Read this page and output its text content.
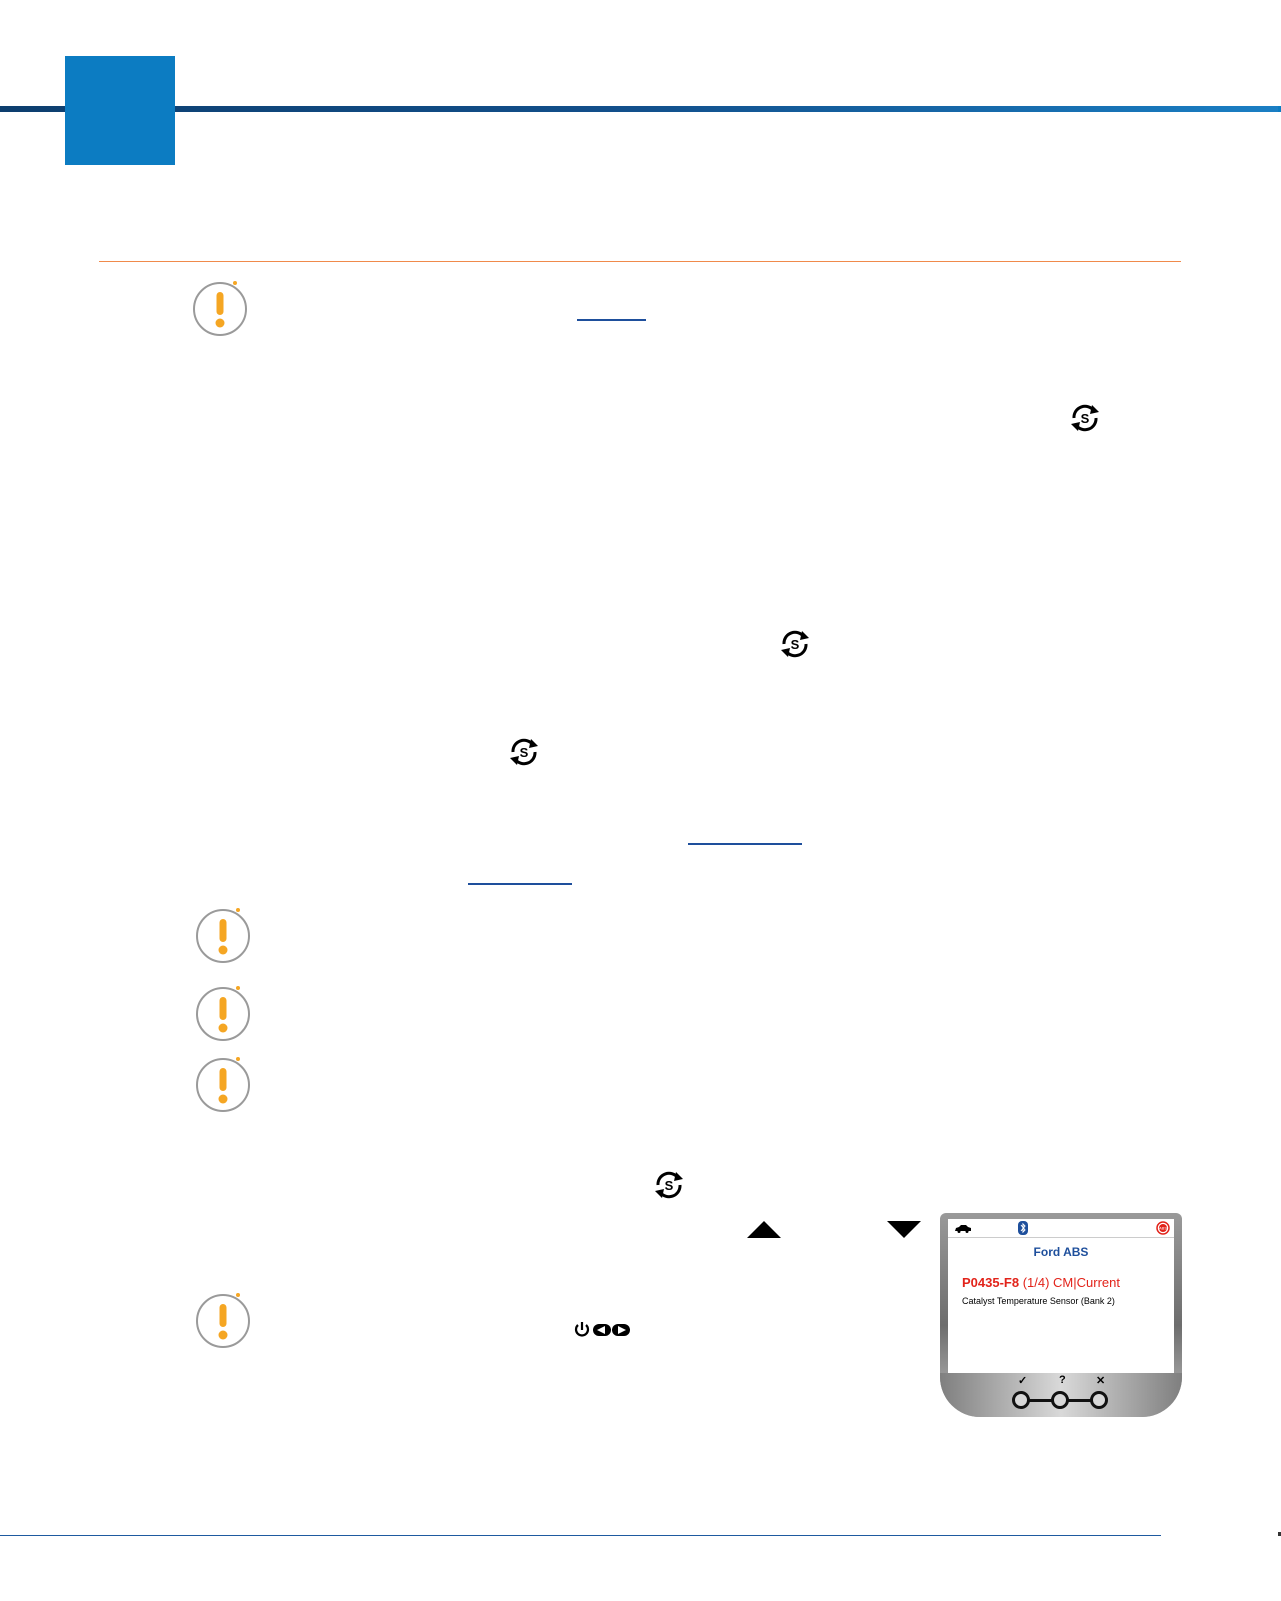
S
S
S
S
ABS
Ford ABS
P0435-F8 (1/4) CM|Current
Catalyst Temperature Sensor (Bank 2)
✓	?	✕
